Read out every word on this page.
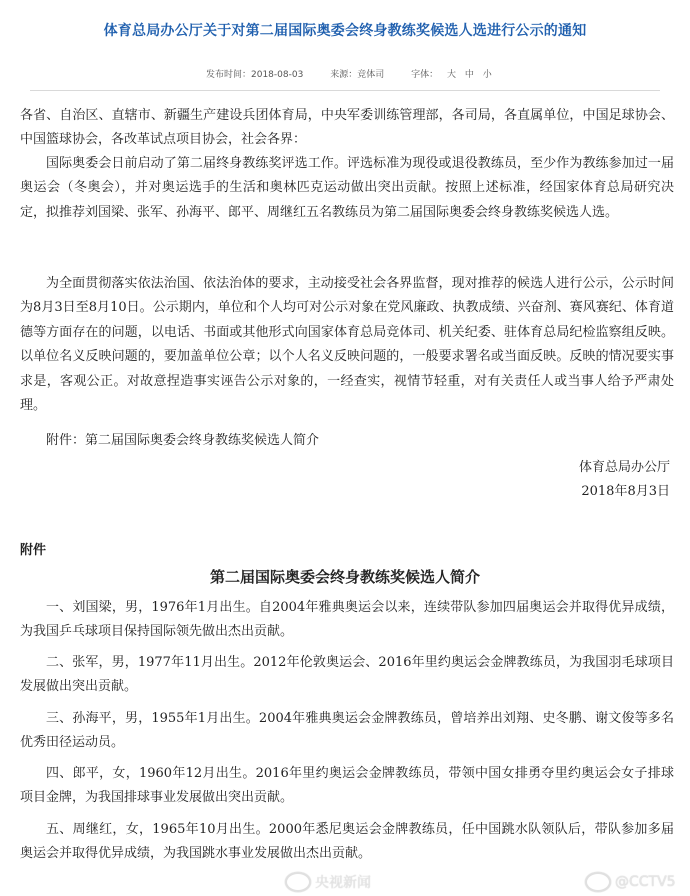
体育总局办公厅关于对第二届国际奥委会终身教练奖候选人选进行公示的通知
发布时间：2018-08-03	来源：竞体司	字体： 大 中 小

各省、自治区、直辖市、新疆生产建设兵团体育局，中央军委训练管理部，各司局，各直属单位，中国足球协会、中国篮球协会，各改革试点项目协会，社会各界：

国际奥委会日前启动了第二届终身教练奖评选工作。评选标准为现役或退役教练员，至少作为教练参加过一届奥运会（冬奥会），并对奥运选手的生活和奥林匹克运动做出突出贡献。按照上述标准，经国家体育总局研究决定，拟推荐刘国梁、张军、孙海平、郎平、周继红五名教练员为第二届国际奥委会终身教练奖候选人选。

为全面贯彻落实依法治国、依法治体的要求，主动接受社会各界监督，现对推荐的候选人进行公示，公示时间为8月3日至8月10日。公示期内，单位和个人均可对公示对象在党风廉政、执教成绩、兴奋剂、赛风赛纪、体育道德等方面存在的问题，以电话、书面或其他形式向国家体育总局竞体司、机关纪委、驻体育总局纪检监察组反映。以单位名义反映问题的，要加盖单位公章；以个人名义反映问题的，一般要求署名或当面反映。反映的情况要实事求是，客观公正。对故意捏造事实诬告公示对象的，一经查实，视情节轻重，对有关责任人或当事人给予严肃处理。

附件：第二届国际奥委会终身教练奖候选人简介

体育总局办公厅
2018年8月3日
附件
第二届国际奥委会终身教练奖候选人简介

一、刘国梁，男，1976年1月出生。自2004年雅典奥运会以来，连续带队参加四届奥运会并取得优异成绩，为我国乒乓球项目保持国际领先做出杰出贡献。

二、张军，男，1977年11月出生。2012年伦敦奥运会、2016年里约奥运会金牌教练员，为我国羽毛球项目发展做出突出贡献。

三、孙海平，男，1955年1月出生。2004年雅典奥运会金牌教练员，曾培养出刘翔、史冬鹏、谢文俊等多名优秀田径运动员。

四、郎平，女，1960年12月出生。2016年里约奥运会金牌教练员，带领中国女排勇夺里约奥运会女子排球项目金牌，为我国排球事业发展做出突出贡献。

五、周继红，女，1965年10月出生。2000年悉尼奥运会金牌教练员，任中国跳水队领队后，带队参加多届奥运会并取得优异成绩，为我国跳水事业发展做出杰出贡献。

央视新闻	@CCTV5
